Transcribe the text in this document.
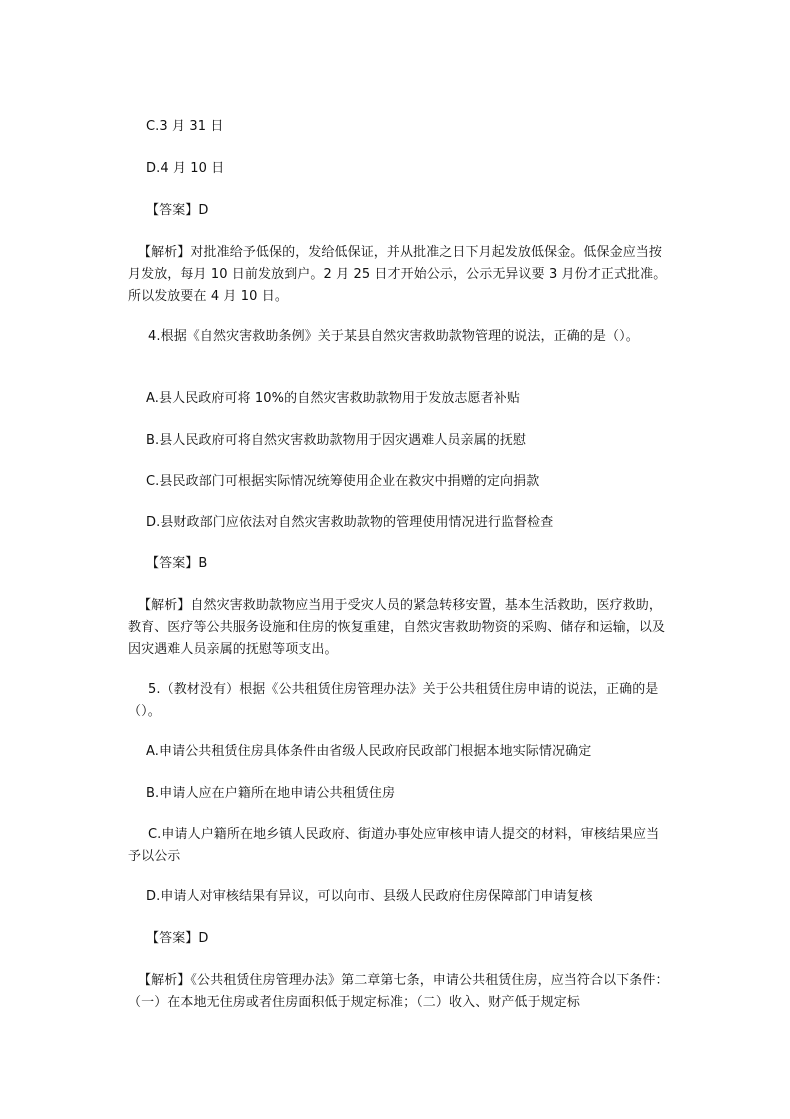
C.3 月 31 日
D.4 月 10 日
【答案】D
【解析】对批准给予低保的，发给低保证，并从批准之日下月起发放低保金。低保金应当按月发放，每月 10 日前发放到户。2 月 25 日才开始公示，公示无异议要 3 月份才正式批准。所以发放要在 4 月 10 日。
4.根据《自然灾害救助条例》关于某县自然灾害救助款物管理的说法，正确的是（）。
A.县人民政府可将 10%的自然灾害救助款物用于发放志愿者补贴
B.县人民政府可将自然灾害救助款物用于因灾遇难人员亲属的抚慰
C.县民政部门可根据实际情况统筹使用企业在救灾中捐赠的定向捐款
D.县财政部门应依法对自然灾害救助款物的管理使用情况进行监督检查
【答案】B
【解析】自然灾害救助款物应当用于受灾人员的紧急转移安置，基本生活救助，医疗救助，教育、医疗等公共服务设施和住房的恢复重建，自然灾害救助物资的采购、储存和运输，以及因灾遇难人员亲属的抚慰等项支出。
5.（教材没有）根据《公共租赁住房管理办法》关于公共租赁住房申请的说法，正确的是（）。
A.申请公共租赁住房具体条件由省级人民政府民政部门根据本地实际情况确定
B.申请人应在户籍所在地申请公共租赁住房
C.申请人户籍所在地乡镇人民政府、街道办事处应审核申请人提交的材料，审核结果应当予以公示
D.申请人对审核结果有异议，可以向市、县级人民政府住房保障部门申请复核
【答案】D
【解析】《公共租赁住房管理办法》第二章第七条，申请公共租赁住房，应当符合以下条件：（一）在本地无住房或者住房面积低于规定标准；（二）收入、财产低于规定标
